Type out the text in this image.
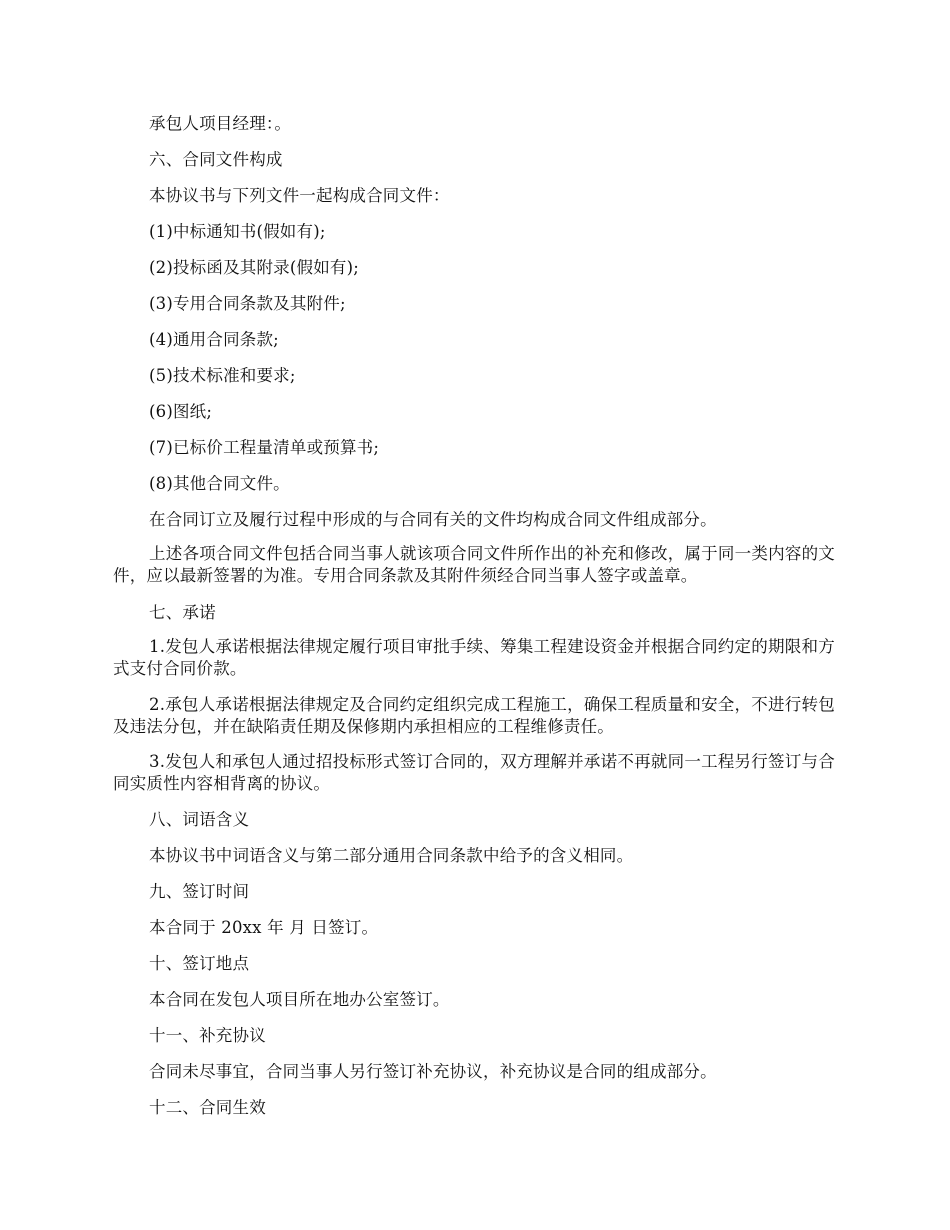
承包人项目经理：。

六、合同文件构成

本协议书与下列文件一起构成合同文件：

(1)中标通知书(假如有);

(2)投标函及其附录(假如有);

(3)专用合同条款及其附件;

(4)通用合同条款;

(5)技术标准和要求;

(6)图纸;

(7)已标价工程量清单或预算书;

(8)其他合同文件。

在合同订立及履行过程中形成的与合同有关的文件均构成合同文件组成部分。

上述各项合同文件包括合同当事人就该项合同文件所作出的补充和修改，属于同一类内容的文件，应以最新签署的为准。专用合同条款及其附件须经合同当事人签字或盖章。

七、承诺

1.发包人承诺根据法律规定履行项目审批手续、筹集工程建设资金并根据合同约定的期限和方式支付合同价款。

2.承包人承诺根据法律规定及合同约定组织完成工程施工，确保工程质量和安全，不进行转包及违法分包，并在缺陷责任期及保修期内承担相应的工程维修责任。

3.发包人和承包人通过招投标形式签订合同的，双方理解并承诺不再就同一工程另行签订与合同实质性内容相背离的协议。

八、词语含义

本协议书中词语含义与第二部分通用合同条款中给予的含义相同。

九、签订时间

本合同于 20xx 年 月 日签订。

十、签订地点

本合同在发包人项目所在地办公室签订。

十一、补充协议

合同未尽事宜，合同当事人另行签订补充协议，补充协议是合同的组成部分。

十二、合同生效
